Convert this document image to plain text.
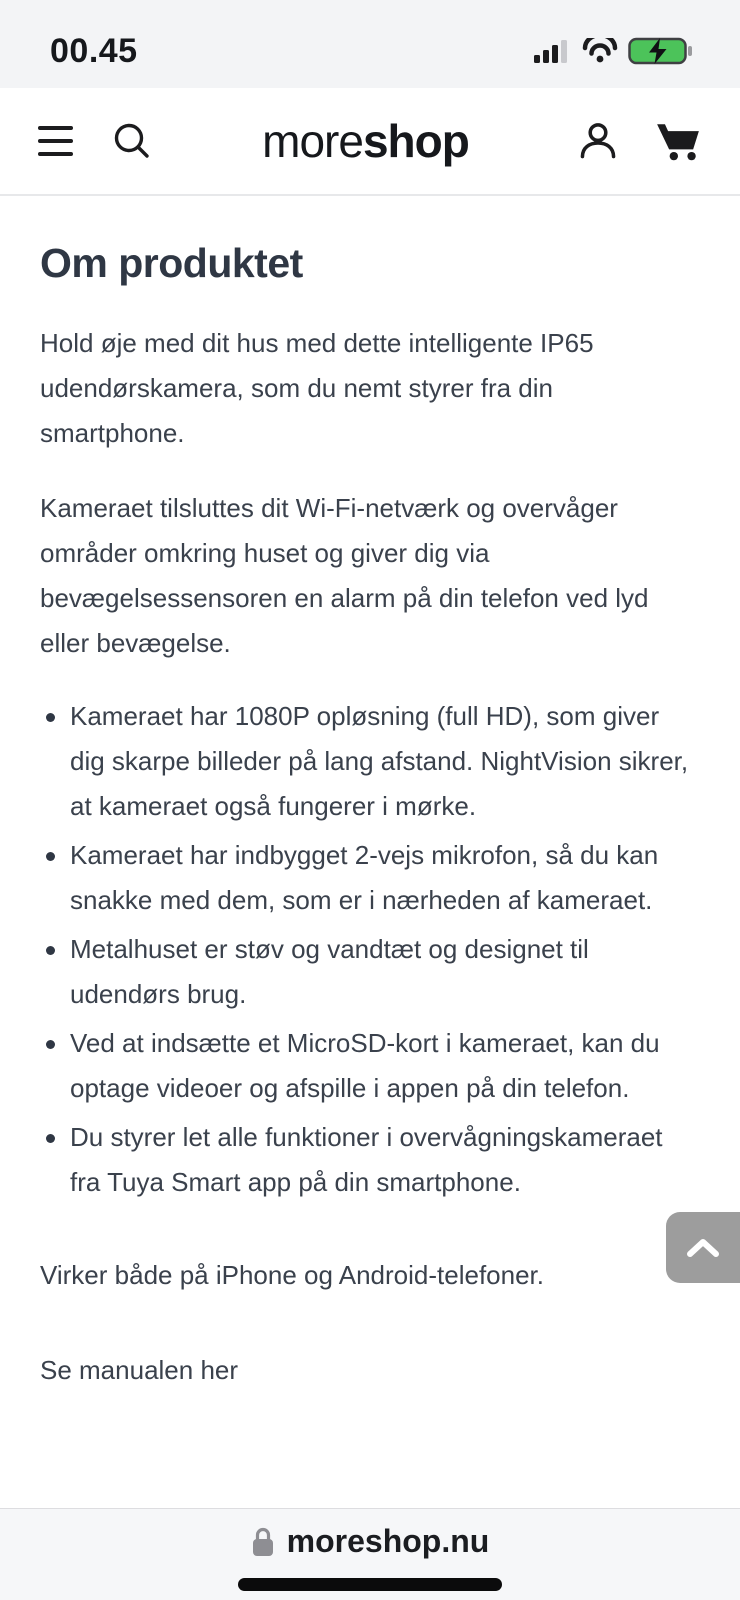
00.45
moreshop
Om produktet

Hold øje med dit hus med dette intelligente IP65 udendørskamera, som du nemt styrer fra din smartphone.

Kameraet tilsluttes dit Wi-Fi-netværk og overvåger områder omkring huset og giver dig via bevægelsessensoren en alarm på din telefon ved lyd eller bevægelse.

Kameraet har 1080P opløsning (full HD), som giver dig skarpe billeder på lang afstand. NightVision sikrer, at kameraet også fungerer i mørke.
Kameraet har indbygget 2-vejs mikrofon, så du kan snakke med dem, som er i nærheden af kameraet.
Metalhuset er støv og vandtæt og designet til udendørs brug.
Ved at indsætte et MicroSD-kort i kameraet, kan du optage videoer og afspille i appen på din telefon.
Du styrer let alle funktioner i overvågningskameraet fra Tuya Smart app på din smartphone.

Virker både på iPhone og Android-telefoner.

Se manualen her

moreshop.nu
